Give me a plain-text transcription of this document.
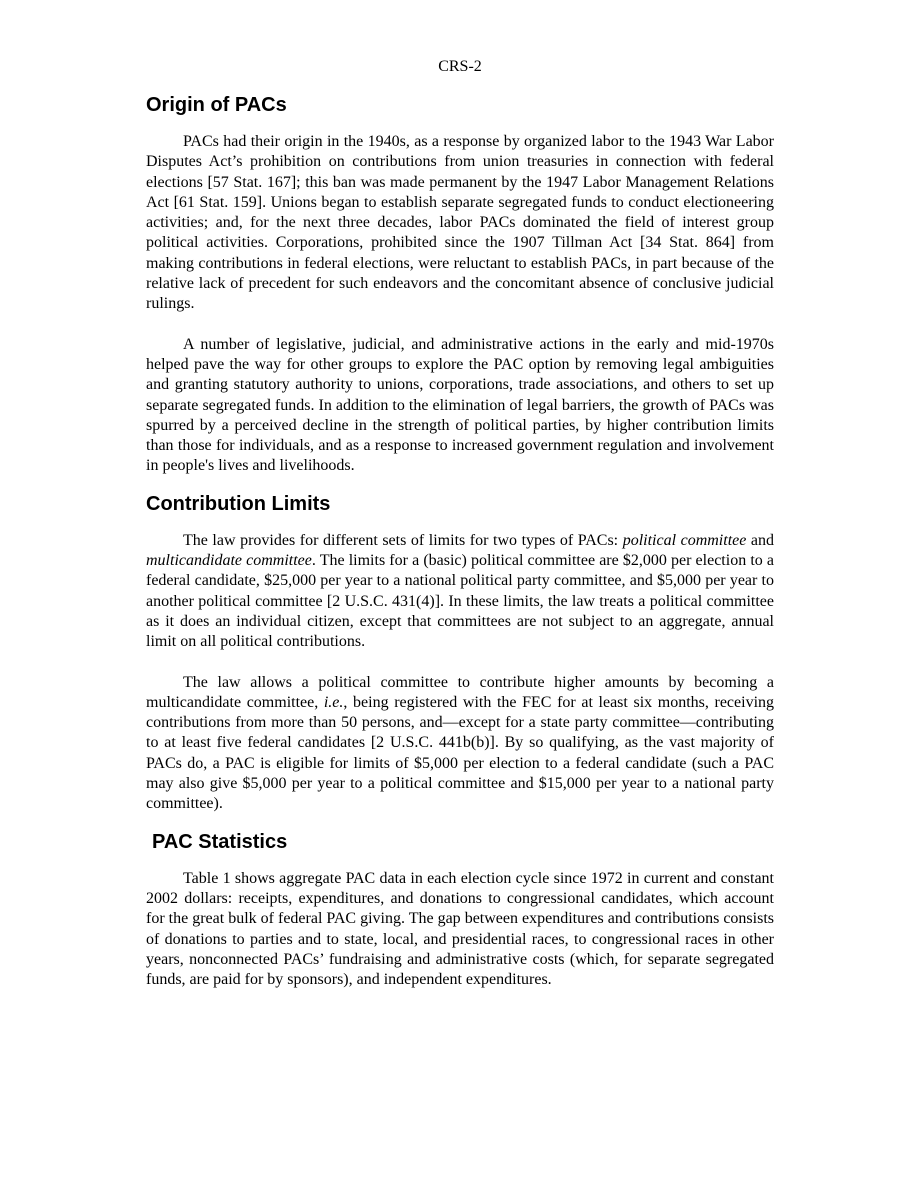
CRS-2
Origin of PACs

PACs had their origin in the 1940s, as a response by organized labor to the 1943 War Labor Disputes Act’s prohibition on contributions from union treasuries in connection with federal elections [57 Stat. 167]; this ban was made permanent by the 1947 Labor Management Relations Act [61 Stat. 159]. Unions began to establish separate segregated funds to conduct electioneering activities; and, for the next three decades, labor PACs dominated the field of interest group political activities. Corporations, prohibited since the 1907 Tillman Act [34 Stat. 864] from making contributions in federal elections, were reluctant to establish PACs, in part because of the relative lack of precedent for such endeavors and the concomitant absence of conclusive judicial rulings.

A number of legislative, judicial, and administrative actions in the early and mid-1970s helped pave the way for other groups to explore the PAC option by removing legal ambiguities and granting statutory authority to unions, corporations, trade associations, and others to set up separate segregated funds. In addition to the elimination of legal barriers, the growth of PACs was spurred by a perceived decline in the strength of political parties, by higher contribution limits than those for individuals, and as a response to increased government regulation and involvement in people's lives and livelihoods.

Contribution Limits

The law provides for different sets of limits for two types of PACs: political committee and multicandidate committee. The limits for a (basic) political committee are $2,000 per election to a federal candidate, $25,000 per year to a national political party committee, and $5,000 per year to another political committee [2 U.S.C. 431(4)]. In these limits, the law treats a political committee as it does an individual citizen, except that committees are not subject to an aggregate, annual limit on all political contributions.

The law allows a political committee to contribute higher amounts by becoming a multicandidate committee, i.e., being registered with the FEC for at least six months, receiving contributions from more than 50 persons, and—except for a state party committee—contributing to at least five federal candidates [2 U.S.C. 441b(b)]. By so qualifying, as the vast majority of PACs do, a PAC is eligible for limits of $5,000 per election to a federal candidate (such a PAC may also give $5,000 per year to a political committee and $15,000 per year to a national party committee).

PAC Statistics

Table 1 shows aggregate PAC data in each election cycle since 1972 in current and constant 2002 dollars: receipts, expenditures, and donations to congressional candidates, which account for the great bulk of federal PAC giving. The gap between expenditures and contributions consists of donations to parties and to state, local, and presidential races, to congressional races in other years, nonconnected PACs’ fundraising and administrative costs (which, for separate segregated funds, are paid for by sponsors), and independent expenditures.
